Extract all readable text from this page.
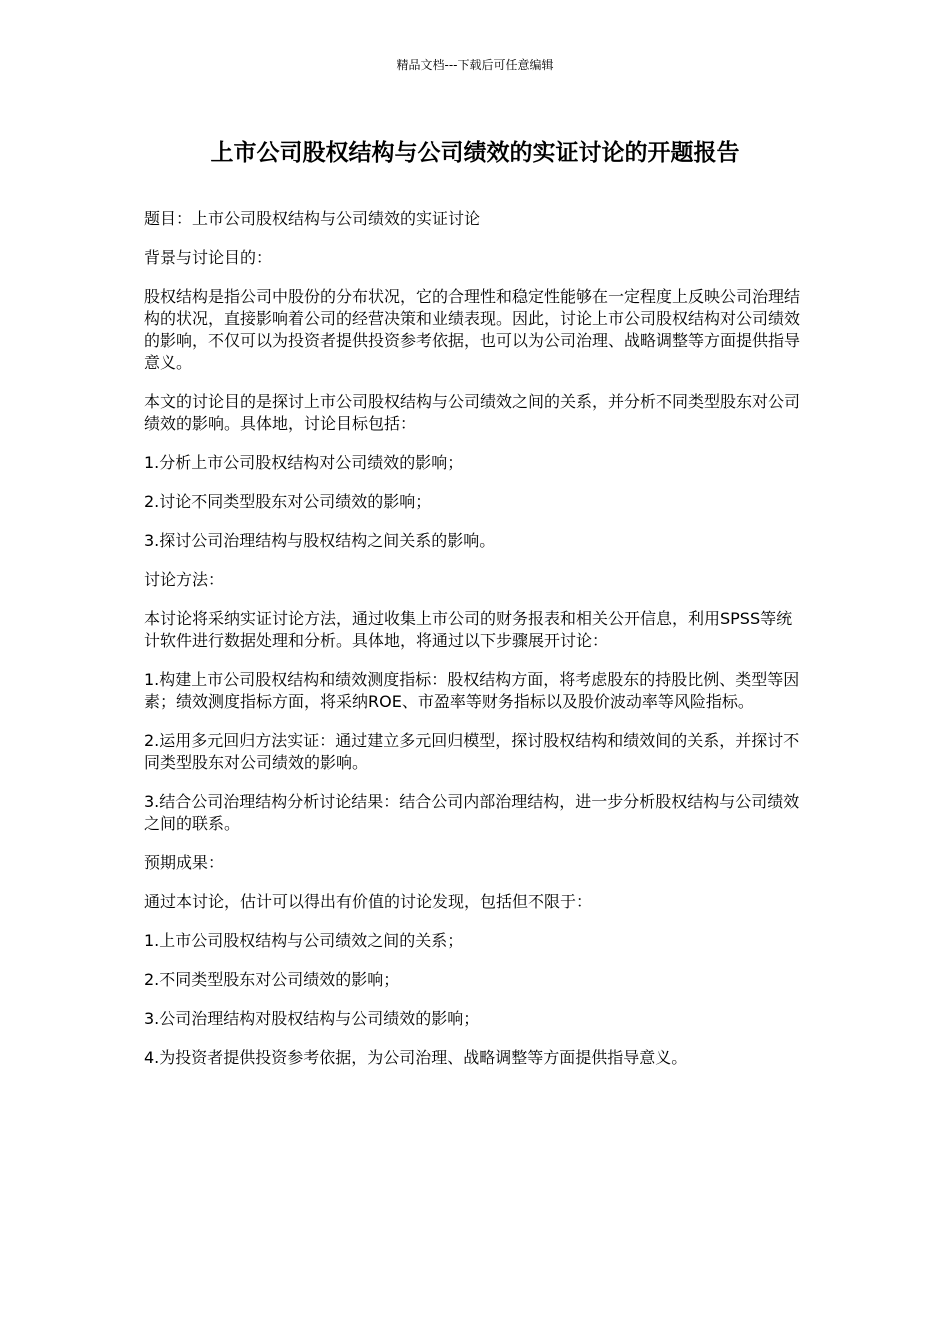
精品文档---下载后可任意编辑
上市公司股权结构与公司绩效的实证讨论的开题报告

题目：上市公司股权结构与公司绩效的实证讨论

背景与讨论目的：

股权结构是指公司中股份的分布状况，它的合理性和稳定性能够在一定程度上反映公司治理结构的状况，直接影响着公司的经营决策和业绩表现。因此，讨论上市公司股权结构对公司绩效的影响，不仅可以为投资者提供投资参考依据，也可以为公司治理、战略调整等方面提供指导意义。

本文的讨论目的是探讨上市公司股权结构与公司绩效之间的关系，并分析不同类型股东对公司绩效的影响。具体地，讨论目标包括：

1.分析上市公司股权结构对公司绩效的影响；

2.讨论不同类型股东对公司绩效的影响；

3.探讨公司治理结构与股权结构之间关系的影响。

讨论方法：

本讨论将采纳实证讨论方法，通过收集上市公司的财务报表和相关公开信息，利用SPSS等统计软件进行数据处理和分析。具体地，将通过以下步骤展开讨论：

1.构建上市公司股权结构和绩效测度指标：股权结构方面，将考虑股东的持股比例、类型等因素；绩效测度指标方面，将采纳ROE、市盈率等财务指标以及股价波动率等风险指标。

2.运用多元回归方法实证：通过建立多元回归模型，探讨股权结构和绩效间的关系，并探讨不同类型股东对公司绩效的影响。

3.结合公司治理结构分析讨论结果：结合公司内部治理结构，进一步分析股权结构与公司绩效之间的联系。

预期成果：

通过本讨论，估计可以得出有价值的讨论发现，包括但不限于：

1.上市公司股权结构与公司绩效之间的关系；

2.不同类型股东对公司绩效的影响；

3.公司治理结构对股权结构与公司绩效的影响；

4.为投资者提供投资参考依据，为公司治理、战略调整等方面提供指导意义。
